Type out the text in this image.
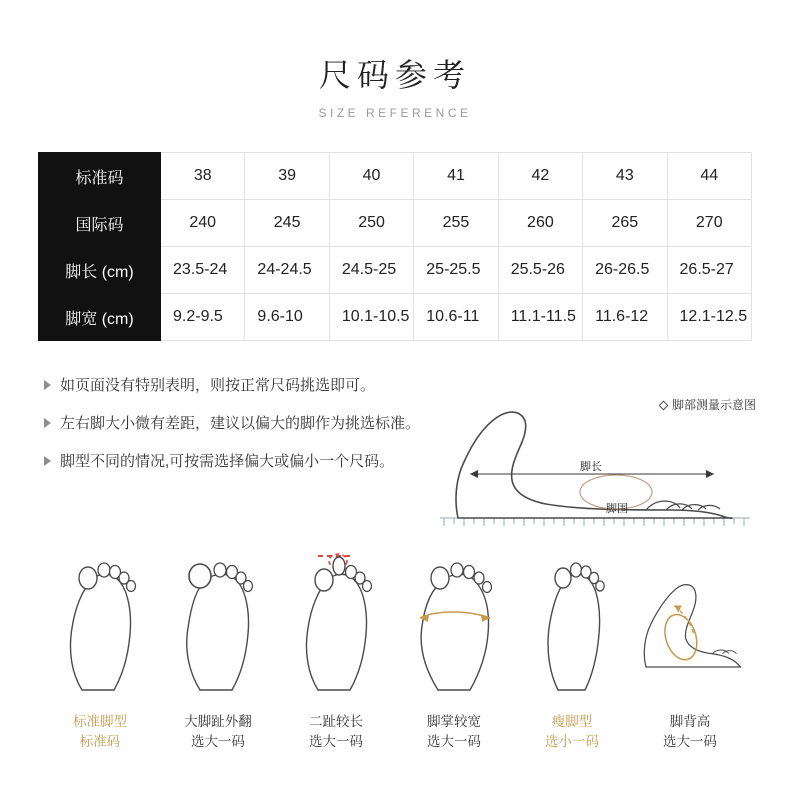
尺码参考
SIZE REFERENCE
标准码	38	39	40	41	42	43	44
国际码	240	245	250	255	260	265	270
脚长 (cm)	23.5-24	24-24.5	24.5-25	25-25.5	25.5-26	26-26.5	26.5-27
脚宽 (cm)	9.2-9.5	9.6-10	10.1-10.5	10.6-11	11.1-11.5	11.6-12	12.1-12.5
如页面没有特别表明，则按正常尺码挑选即可。
左右脚大小微有差距，建议以偏大的脚作为挑选标准。
脚型不同的情况,可按需选择偏大或偏小一个尺码。
脚部测量示意图
脚长
脚围
标准脚型
标准码
大脚趾外翻
选大一码
二趾较长
选大一码
脚掌较宽
选大一码
瘦脚型
选小一码
脚背高
选大一码
